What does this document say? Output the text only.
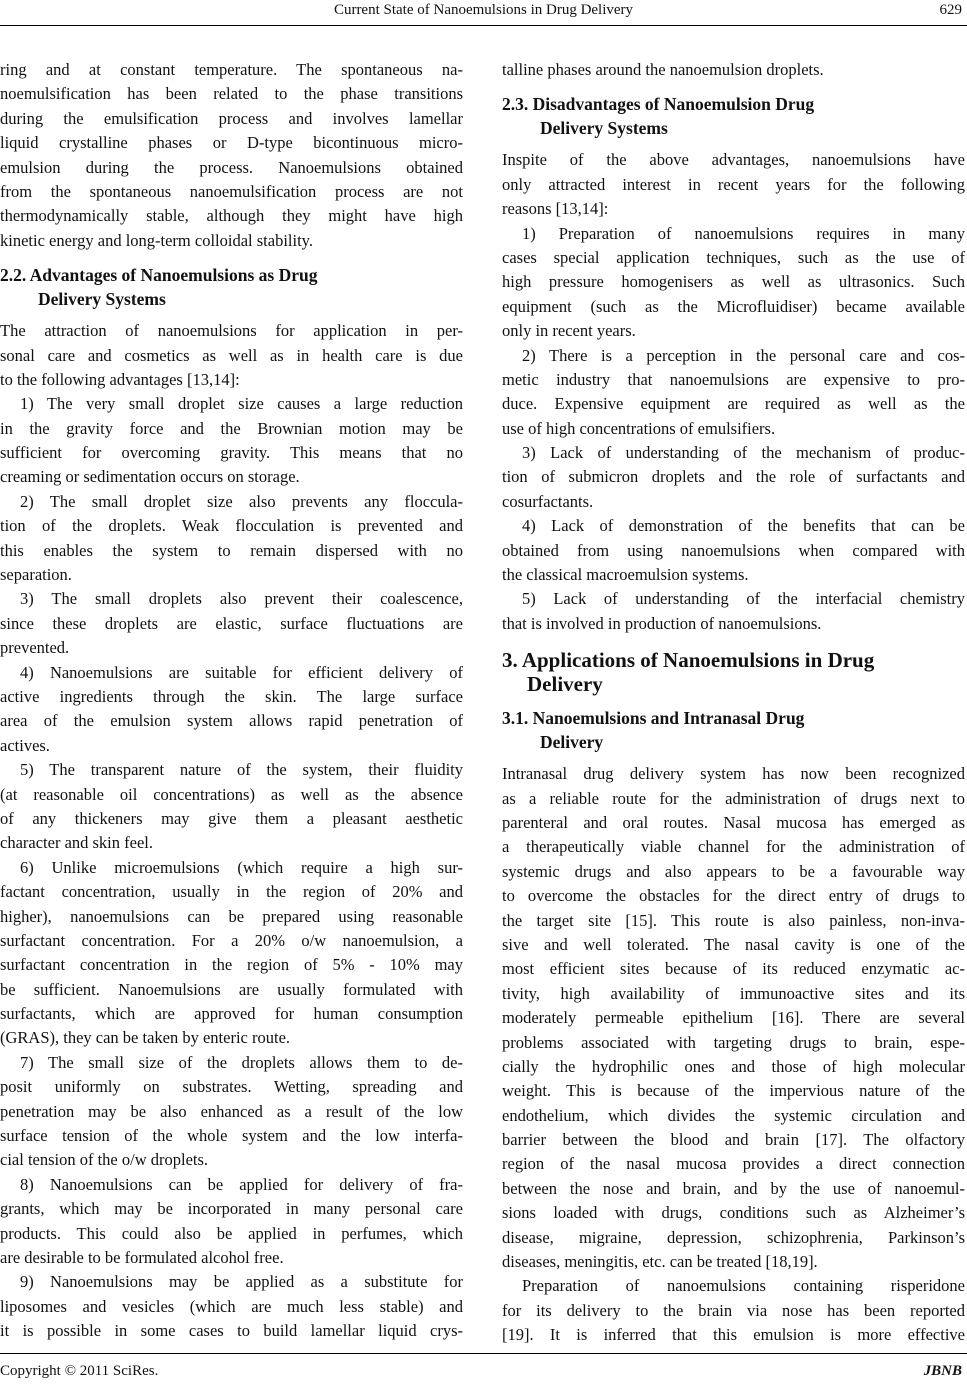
Current State of Nanoemulsions in Drug Delivery	629
ring and at constant temperature. The spontaneous na-
noemulsification has been related to the phase transitions
during the emulsification process and involves lamellar
liquid crystalline phases or D-type bicontinuous micro-
emulsion during the process. Nanoemulsions obtained
from the spontaneous nanoemulsification process are not
thermodynamically stable, although they might have high
kinetic energy and long-term colloidal stability.
2.2. Advantages of Nanoemulsions as Drug
Delivery Systems
The attraction of nanoemulsions for application in per-
sonal care and cosmetics as well as in health care is due
to the following advantages [13,14]:
1) The very small droplet size causes a large reduction
in the gravity force and the Brownian motion may be
sufficient for overcoming gravity. This means that no
creaming or sedimentation occurs on storage.
2) The small droplet size also prevents any floccula-
tion of the droplets. Weak flocculation is prevented and
this enables the system to remain dispersed with no
separation.
3) The small droplets also prevent their coalescence,
since these droplets are elastic, surface fluctuations are
prevented.
4) Nanoemulsions are suitable for efficient delivery of
active ingredients through the skin. The large surface
area of the emulsion system allows rapid penetration of
actives.
5) The transparent nature of the system, their fluidity
(at reasonable oil concentrations) as well as the absence
of any thickeners may give them a pleasant aesthetic
character and skin feel.
6) Unlike microemulsions (which require a high sur-
factant concentration, usually in the region of 20% and
higher), nanoemulsions can be prepared using reasonable
surfactant concentration. For a 20% o/w nanoemulsion, a
surfactant concentration in the region of 5% - 10% may
be sufficient. Nanoemulsions are usually formulated with
surfactants, which are approved for human consumption
(GRAS), they can be taken by enteric route.
7) The small size of the droplets allows them to de-
posit uniformly on substrates. Wetting, spreading and
penetration may be also enhanced as a result of the low
surface tension of the whole system and the low interfa-
cial tension of the o/w droplets.
8) Nanoemulsions can be applied for delivery of fra-
grants, which may be incorporated in many personal care
products. This could also be applied in perfumes, which
are desirable to be formulated alcohol free.
9) Nanoemulsions may be applied as a substitute for
liposomes and vesicles (which are much less stable) and
it is possible in some cases to build lamellar liquid crys-
talline phases around the nanoemulsion droplets.
2.3. Disadvantages of Nanoemulsion Drug
Delivery Systems
Inspite of the above advantages, nanoemulsions have
only attracted interest in recent years for the following
reasons [13,14]:
1) Preparation of nanoemulsions requires in many
cases special application techniques, such as the use of
high pressure homogenisers as well as ultrasonics. Such
equipment (such as the Microfluidiser) became available
only in recent years.
2) There is a perception in the personal care and cos-
metic industry that nanoemulsions are expensive to pro-
duce. Expensive equipment are required as well as the
use of high concentrations of emulsifiers.
3) Lack of understanding of the mechanism of produc-
tion of submicron droplets and the role of surfactants and
cosurfactants.
4) Lack of demonstration of the benefits that can be
obtained from using nanoemulsions when compared with
the classical macroemulsion systems.
5) Lack of understanding of the interfacial chemistry
that is involved in production of nanoemulsions.
3. Applications of Nanoemulsions in Drug
Delivery
3.1. Nanoemulsions and Intranasal Drug
Delivery
Intranasal drug delivery system has now been recognized
as a reliable route for the administration of drugs next to
parenteral and oral routes. Nasal mucosa has emerged as
a therapeutically viable channel for the administration of
systemic drugs and also appears to be a favourable way
to overcome the obstacles for the direct entry of drugs to
the target site [15]. This route is also painless, non-inva-
sive and well tolerated. The nasal cavity is one of the
most efficient sites because of its reduced enzymatic ac-
tivity, high availability of immunoactive sites and its
moderately permeable epithelium [16]. There are several
problems associated with targeting drugs to brain, espe-
cially the hydrophilic ones and those of high molecular
weight. This is because of the impervious nature of the
endothelium, which divides the systemic circulation and
barrier between the blood and brain [17]. The olfactory
region of the nasal mucosa provides a direct connection
between the nose and brain, and by the use of nanoemul-
sions loaded with drugs, conditions such as Alzheimer’s
disease, migraine, depression, schizophrenia, Parkinson’s
diseases, meningitis, etc. can be treated [18,19].
Preparation of nanoemulsions containing risperidone
for its delivery to the brain via nose has been reported
[19]. It is inferred that this emulsion is more effective
Copyright © 2011 SciRes.	JBNB
